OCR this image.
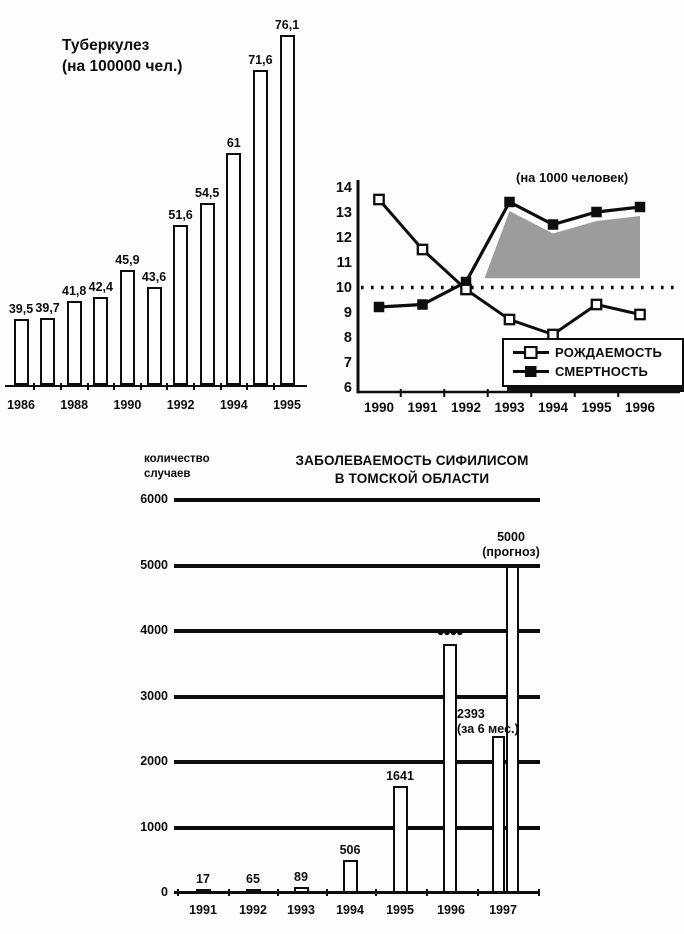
Туберкулез
(на 100000 чел.)
39,5 39,7
41,8 42,4
45,9
43,6
51,6
54,5
61
71,6
76,1
1986	1988	1990	1992	1994	1995
(на 1000 человек)
14
13
12
11
10
9
8
7
6
1990 1991 1992 1993 1994 1995 1996
РОЖДАЕМОСТЬ
СМЕРТНОСТЬ
количество
случаев
ЗАБОЛЕВАЕМОСТЬ СИФИЛИСОМ
В ТОМСКОЙ ОБЛАСТИ
6000
5000
4000
3000
2000
1000
0
17	65	89
506
1641
●●●●
2393
(за 6 мес.)
5000
(прогноз)
1991	1992	1993	1994	1995	1996	1997
